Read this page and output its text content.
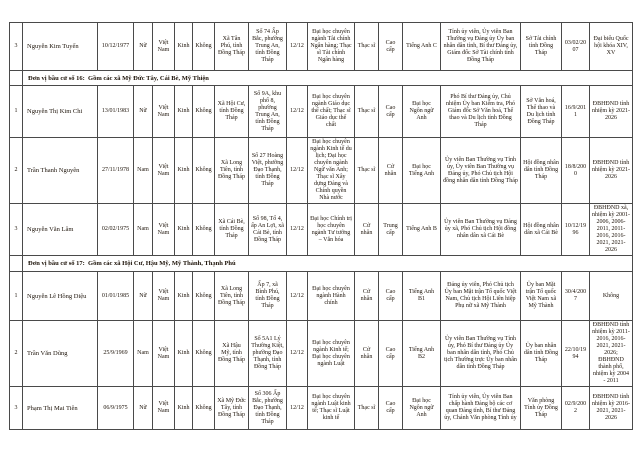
3	Nguyễn Kim Tuyến	10/12/1977	Nữ	Việt Nam	Kinh	Không	Xã Tân Phú, tỉnh Đồng Tháp	Số 74 Ấp Bắc, phường Trung An, tỉnh Đồng Tháp	12/12	Đại học chuyên ngành Tài chính Ngân hàng; Thạc sĩ Tài chính Ngân hàng	Thạc sĩ	Cao cấp	Tiếng Anh C	Tỉnh ủy viên, Ủy viên Ban Thường vụ Đảng ủy Ủy ban nhân dân tỉnh, Bí thư Đảng ủy, Giám đốc Sở Tài chính tỉnh Đồng Tháp	Sở Tài chính tỉnh Đồng Tháp	03/02/2007	Đại biểu Quốc hội khóa XIV, XV
	Đơn vị bầu cử số 16:  Gồm các xã Mỹ Đức Tây, Cái Bè, Mỹ Thiện																
1	Nguyễn Thị Kim Chi	13/01/1983	Nữ	Việt Nam	Kinh	Không	Xã Hội Cư, tỉnh Đồng Tháp	Số 9A, khu phố 8, phường Trung An, tỉnh Đồng Tháp	12/12	Đại học chuyên ngành Giáo dục thể chất; Thạc sĩ Giáo dục thể chất	Thạc sĩ	Cao cấp	Đại học Ngôn ngữ Anh	Phó Bí thư Đảng ủy, Chủ nhiệm Ủy ban Kiểm tra, Phó Giám đốc Sở Văn hoá, Thể thao và Du lịch tỉnh Đồng Tháp	Sở Văn hoá, Thể thao và Du lịch tỉnh Đồng Tháp	16/9/2011	ĐBHĐND tỉnh nhiệm kỳ 2021-2026
2	Trần Thanh Nguyên	27/11/1978	Nam	Việt Nam	Kinh	Không	Xã Long Tiên, tỉnh Đồng Tháp	Số 27 Hoàng Việt, phường Đạo Thạnh, tỉnh Đồng Tháp	12/12	Đại học chuyên ngành Kinh tế du lịch; Đại học chuyên ngành Ngữ văn Anh; Thạc sĩ Xây dựng Đảng và Chính quyền Nhà nước	Thạc sĩ	Cử nhân	Đại học Tiếng Anh	Ủy viên Ban Thường vụ Tỉnh ủy, Ủy viên Ban Thường vụ Đảng ủy, Phó Chủ tịch Hội đồng nhân dân tỉnh Đồng Tháp	Hội đồng nhân dân tỉnh Đồng Tháp	18/8/2000	ĐBHĐND tỉnh nhiệm kỳ 2021-2026
3	Nguyễn Văn Lâm	02/02/1975	Nam	Việt Nam	Kinh	Không	Xã Cái Bè, tỉnh Đồng Tháp	Số 98, Tổ 4, ấp An Lợi, xã Cái Bè, tỉnh Đồng Tháp	12/12	Đại học Chính trị học chuyên ngành Tư tưởng – Văn hóa	Cử nhân	Trung cấp	Tiếng Anh B	Ủy viên Ban Thường vụ Đảng ủy xã, Phó Chủ tịch Hội đồng nhân dân xã Cái Bè	Hội đồng nhân dân xã Cái Bè	10/12/1996	ĐBHĐND xã, nhiệm kỳ 2001-2006, 2006-2011, 2011-2016, 2016-2021, 2021-2026
	Đơn vị bầu cử số 17:  Gồm các xã Hội Cư, Hậu Mỹ, Mỹ Thành, Thạnh Phú																
1	Nguyễn Lê Hồng Diệu	01/01/1985	Nữ	Việt Nam	Kinh	Không	Xã Long Tiên, tỉnh Đồng Tháp	Ấp 7, xã Bình Phú, tỉnh Đồng Tháp	12/12	Đại học chuyên ngành Hành chính	Cử nhân	Cao cấp	Tiếng Anh B1	Đảng ủy viên, Phó Chủ tịch Ủy ban Mặt trận Tổ quốc Việt Nam, Chủ tịch Hội Liên hiệp Phụ nữ xã Mỹ Thành	Ủy ban Mặt trận Tổ quốc Việt Nam xã Mỹ Thành	30/4/2007	Không
2	Trần Văn Dũng	25/9/1969	Nam	Việt Nam	Kinh	Không	Xã Hậu Mỹ, tỉnh Đồng Tháp	Số 5A1 Lý Thường Kiệt, phường Đạo Thạnh, tỉnh Đồng Tháp	12/12	Đại học chuyên ngành Kinh tế; Đại học chuyên ngành Luật	Cử nhân	Cao cấp	Tiếng Anh B2	Ủy viên Ban Thường vụ Tỉnh ủy, Phó Bí thư Đảng ủy Ủy ban nhân dân tỉnh, Phó Chủ tịch Thường trực Ủy ban nhân dân tỉnh Đồng Tháp	Ủy ban nhân dân tỉnh Đồng Tháp	22/10/1994	ĐBHĐND tỉnh nhiệm kỳ 2011-2016, 2016-2021, 2021-2026; ĐBHĐND thành phố, nhiệm kỳ 2004 - 2011
3	Phạm Thị Mai Tiên	06/9/1975	Nữ	Việt Nam	Kinh	Không	Xã Mỹ Đức Tây, tỉnh Đồng Tháp	Số 306 Ấp Bắc, phường Đạo Thạnh, tỉnh Đồng Tháp	12/12	Đại học chuyên ngành Luật kinh tế; Thạc sĩ Luật kinh tế	Thạc sĩ	Cao cấp	Đại học Ngôn ngữ Anh	Tỉnh ủy viên, Ủy viên Ban chấp hành Đảng bộ các cơ quan Đảng tỉnh, Bí thư Đảng ủy, Chánh Văn phòng Tỉnh ủy	Văn phòng Tỉnh ủy Đồng Tháp	02/9/2002	ĐBHĐND tỉnh nhiệm kỳ 2016-2021, 2021-2026
